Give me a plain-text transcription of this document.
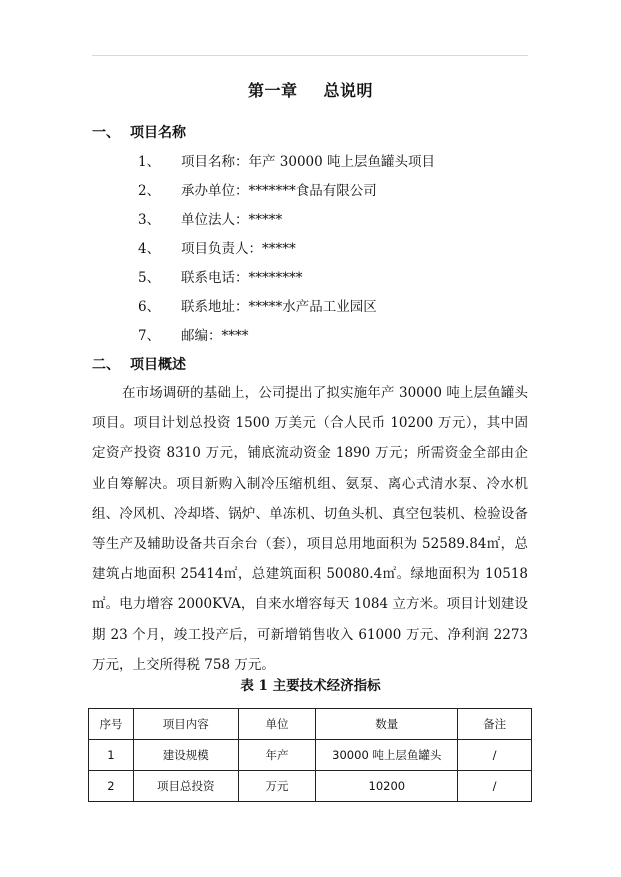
第一章 总说明
一、 项目名称
1、 项目名称：年产 30000 吨上层鱼罐头项目
2、 承办单位：*******食品有限公司
3、 单位法人：*****
4、 项目负责人：*****
5、 联系电话：********
6、 联系地址：*****水产品工业园区
7、 邮编：****
二、 项目概述
在市场调研的基础上，公司提出了拟实施年产 30000 吨上层鱼罐头项目。项目计划总投资 1500 万美元（合人民币 10200 万元），其中固定资产投资 8310 万元，铺底流动资金 1890 万元；所需资金全部由企业自筹解决。项目新购入制冷压缩机组、氨泵、离心式清水泵、冷水机组、冷风机、冷却塔、锅炉、单冻机、切鱼头机、真空包装机、检验设备等生产及辅助设备共百余台（套），项目总用地面积为 52589.84㎡，总建筑占地面积 25414㎡，总建筑面积 50080.4㎡。绿地面积为 10518㎡。电力增容 2000KVA，自来水增容每天 1084 立方米。项目计划建设期 23 个月，竣工投产后，可新增销售收入 61000 万元、净利润 2273 万元，上交所得税 758 万元。
表 1 主要技术经济指标
序号	项目内容	单位	数量	备注
1	建设规模	年产	30000 吨上层鱼罐头	/
2	项目总投资	万元	10200	/
